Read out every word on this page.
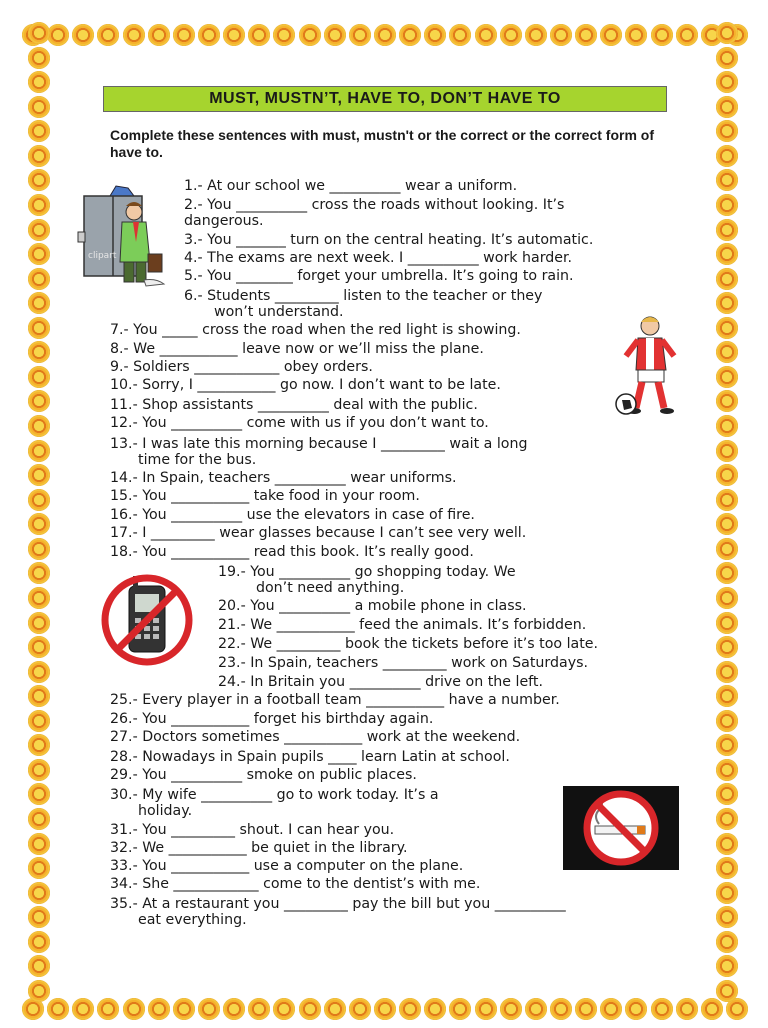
MUST, MUSTN’T, HAVE TO, DON’T HAVE TO
Complete these sentences with must, mustn't or the correct or the correct form of have to.
clipart
1.- At our school we __________ wear a uniform.
2.- You __________ cross the roads without looking. It’s
dangerous.
3.- You _______ turn on the central heating. It’s automatic.
4.- The exams are next week. I __________ work harder.
5.- You ________ forget your umbrella. It’s going to rain.
6.- Students _________ listen to the teacher or they
won’t understand.
7.- You _____ cross the road when the red light is showing.
8.- We ___________ leave now or we’ll miss the plane.
9.- Soldiers ____________ obey orders.
10.- Sorry, I ___________ go now. I don’t want to be late.
11.- Shop assistants __________ deal with the public.
12.- You __________ come with us if you don’t want to.
13.- I was late this morning because I _________ wait a long
time for the bus.
14.- In Spain, teachers __________ wear uniforms.
15.- You ___________ take food in your room.
16.- You __________ use the elevators in case of fire.
17.- I _________ wear glasses because I can’t see very well.
18.- You ___________ read this book. It’s really good.
19.- You __________ go shopping today. We
don’t need anything.
20.- You __________ a mobile phone in class.
21.- We ___________ feed the animals. It’s forbidden.
22.- We _________ book the tickets before it’s too late.
23.- In Spain, teachers _________ work on Saturdays.
24.- In Britain you __________ drive on the left.
25.- Every player in a football team ___________ have a number.
26.- You ___________ forget his birthday again.
27.- Doctors sometimes ___________ work at the weekend.
28.- Nowadays in Spain pupils ____ learn Latin at school.
29.- You __________ smoke on public places.
30.- My wife __________ go to work today. It’s a
holiday.
31.- You _________ shout. I can hear you.
32.- We ___________ be quiet in the library.
33.- You ___________ use a computer on the plane.
34.- She ____________ come to the dentist’s with me.
35.- At a restaurant you _________ pay the bill but you __________
eat everything.
